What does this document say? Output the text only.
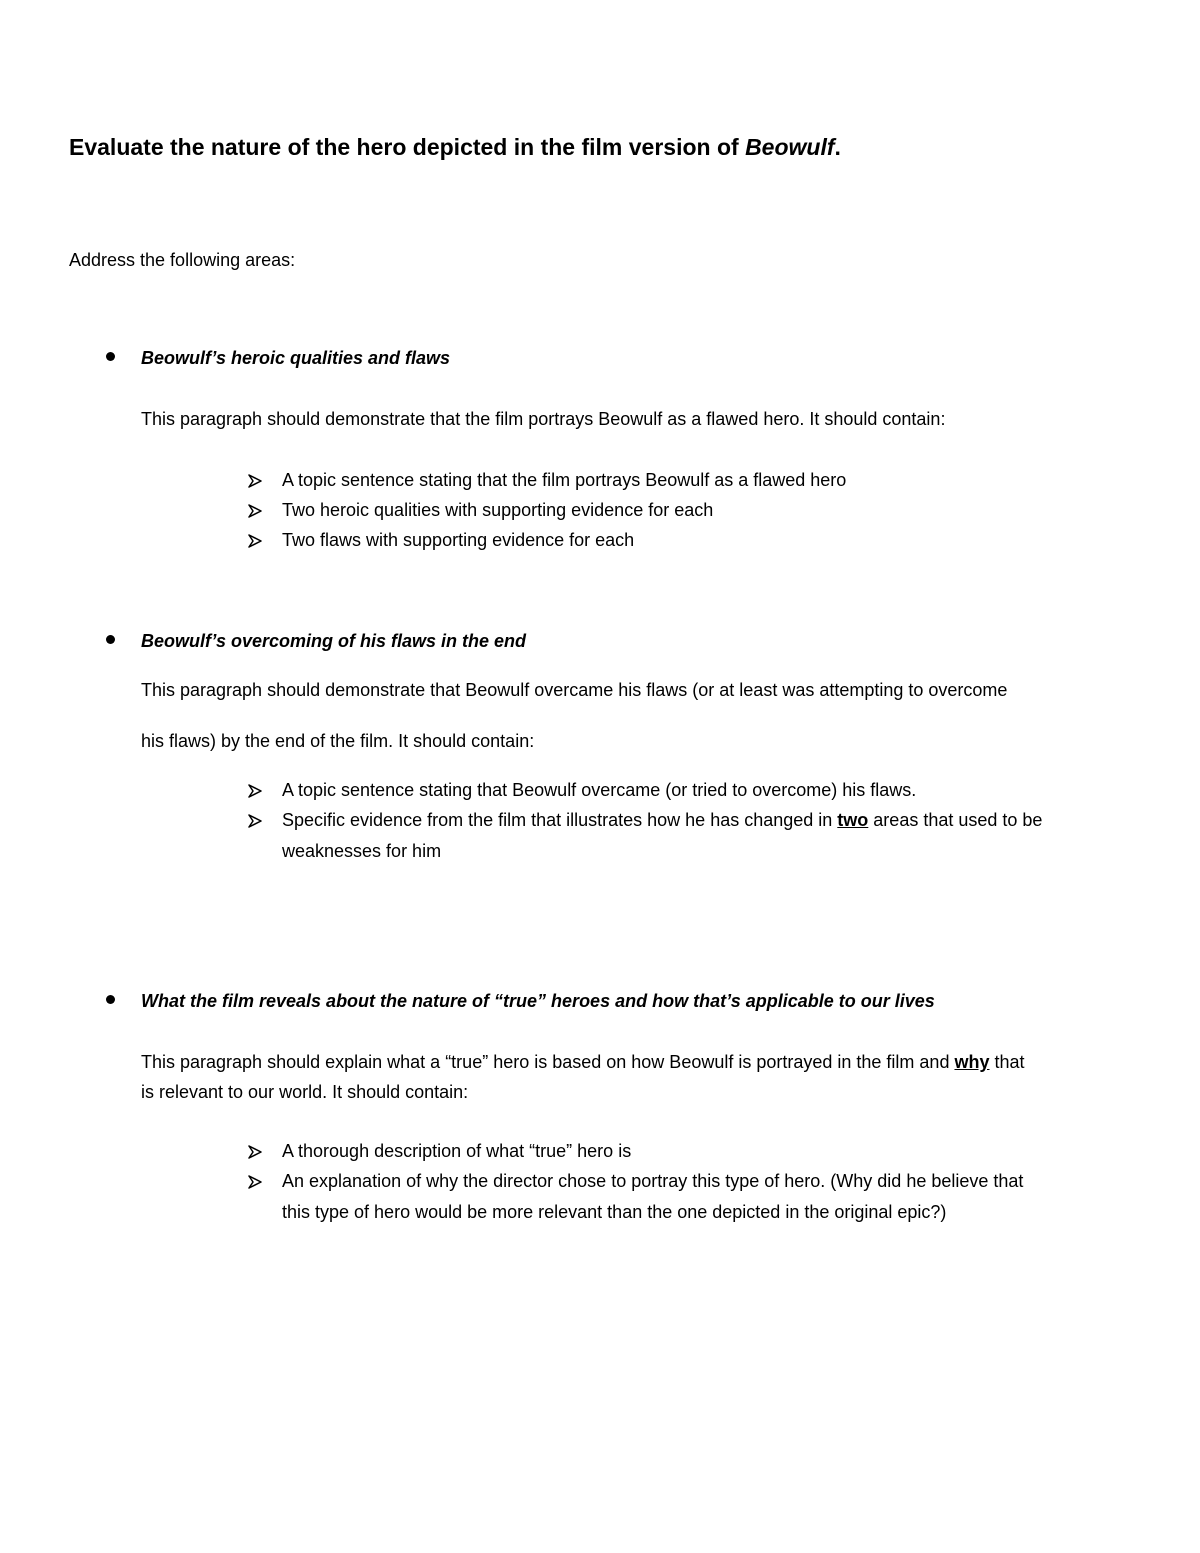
Evaluate the nature of the hero depicted in the film version of Beowulf.
Address the following areas:
Beowulf’s heroic qualities and flaws
This paragraph should demonstrate that the film portrays Beowulf as a flawed hero. It should contain:
A topic sentence stating that the film portrays Beowulf as a flawed hero
Two heroic qualities with supporting evidence for each
Two flaws with supporting evidence for each
Beowulf’s overcoming of his flaws in the end
This paragraph should demonstrate that Beowulf overcame his flaws (or at least was attempting to overcome
his flaws) by the end of the film. It should contain:
A topic sentence stating that Beowulf overcame (or tried to overcome) his flaws.
Specific evidence from the film that illustrates how he has changed in two areas that used to be
weaknesses for him
What the film reveals about the nature of “true” heroes and how that’s applicable to our lives
This paragraph should explain what a “true” hero is based on how Beowulf is portrayed in the film and why that
is relevant to our world. It should contain:
A thorough description of what “true” hero is
An explanation of why the director chose to portray this type of hero. (Why did he believe that
this type of hero would be more relevant than the one depicted in the original epic?)
